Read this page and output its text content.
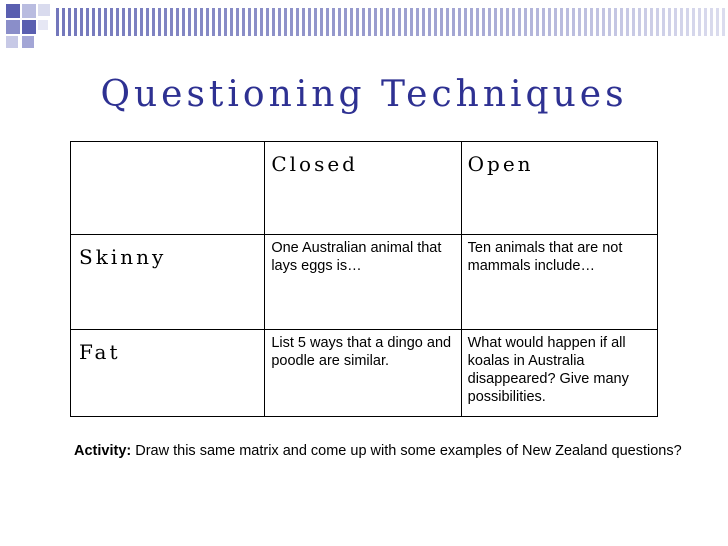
Questioning Techniques

	Closed	Open

Skinny	One Australian animal that lays eggs is…	Ten animals that are not mammals include…

Fat	List 5 ways that a dingo and poodle are similar.	What would happen if all koalas in Australia disappeared? Give many possibilities.
Activity: Draw this same matrix and come up with some examples of New Zealand questions?
